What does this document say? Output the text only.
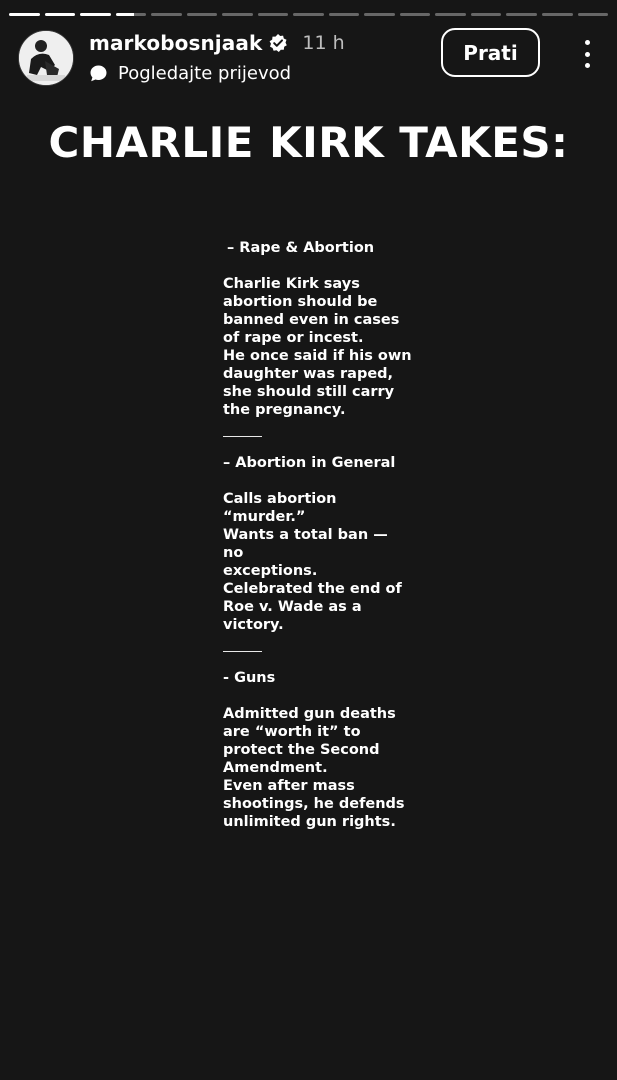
markobosnjaak 11 h
Pogledajte prijevod
Prati
CHARLIE KIRK TAKES:

– Rape & Abortion

Charlie Kirk says

abortion should be

banned even in cases

of rape or incest.

He once said if his own

daughter was raped,

she should still carry

the pregnancy.

– Abortion in General

Calls abortion

“murder.”

Wants a total ban — no

exceptions.

Celebrated the end of

Roe v. Wade as a

victory.

- Guns

Admitted gun deaths

are “worth it” to

protect the Second

Amendment.

Even after mass

shootings, he defends

unlimited gun rights.
